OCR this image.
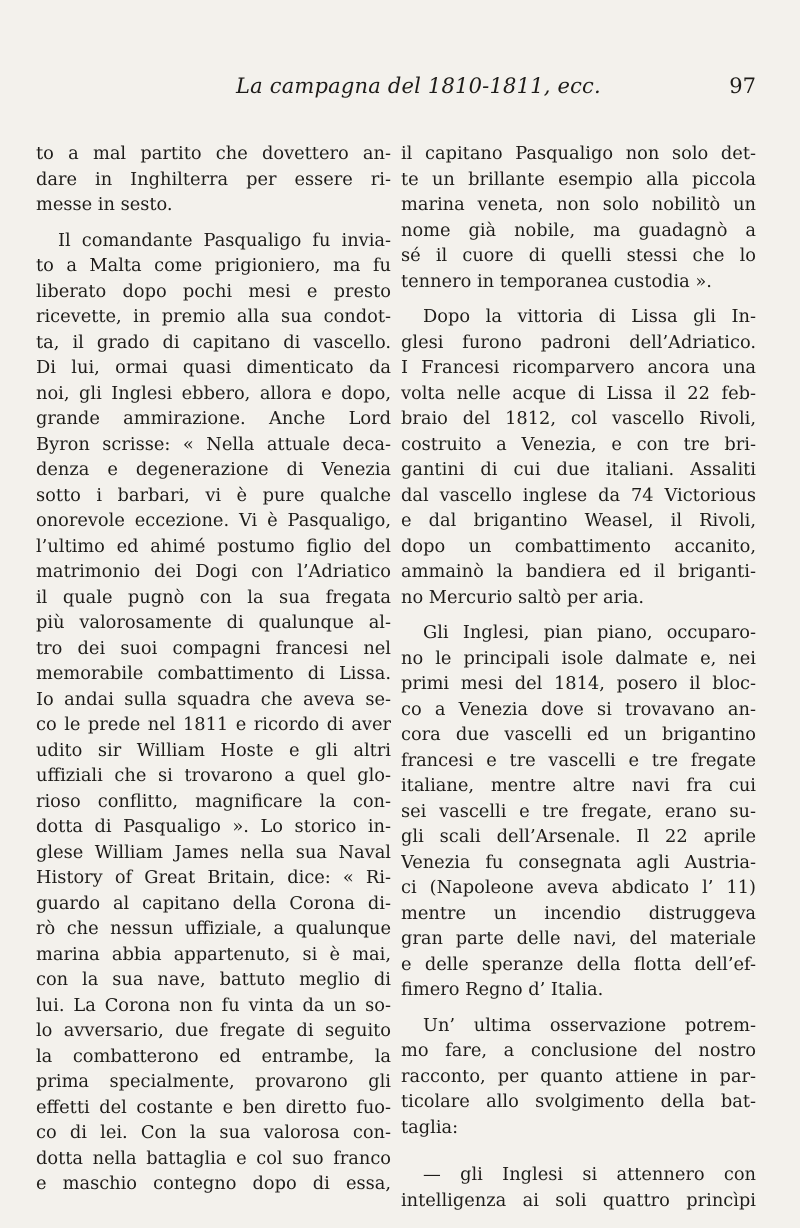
La campagna del 1810-1811, ecc.	97
to a mal partito che dovettero an-
dare in Inghilterra per essere ri-
messe in sesto.
Il comandante Pasqualigo fu invia-
to a Malta come prigioniero, ma fu
liberato dopo pochi mesi e presto
ricevette, in premio alla sua condot-
ta, il grado di capitano di vascello.
Di lui, ormai quasi dimenticato da
noi, gli Inglesi ebbero, allora e dopo,
grande ammirazione. Anche Lord
Byron scrisse: « Nella attuale deca-
denza e degenerazione di Venezia
sotto i barbari, vi è pure qualche
onorevole eccezione. Vi è Pasqualigo,
l’ultimo ed ahimé postumo figlio del
matrimonio dei Dogi con l’Adriatico
il quale pugnò con la sua fregata
più valorosamente di qualunque al-
tro dei suoi compagni francesi nel
memorabile combattimento di Lissa.
Io andai sulla squadra che aveva se-
co le prede nel 1811 e ricordo di aver
udito sir William Hoste e gli altri
uffiziali che si trovarono a quel glo-
rioso conflitto, magnificare la con-
dotta di Pasqualigo ». Lo storico in-
glese William James nella sua Naval
History of Great Britain, dice: « Ri-
guardo al capitano della Corona di-
rò che nessun uffiziale, a qualunque
marina abbia appartenuto, si è mai,
con la sua nave, battuto meglio di
lui. La Corona non fu vinta da un so-
lo avversario, due fregate di seguito
la combatterono ed entrambe, la
prima specialmente, provarono gli
effetti del costante e ben diretto fuo-
co di lei. Con la sua valorosa con-
dotta nella battaglia e col suo franco
e maschio contegno dopo di essa,
il capitano Pasqualigo non solo det-
te un brillante esempio alla piccola
marina veneta, non solo nobilitò un
nome già nobile, ma guadagnò a
sé il cuore di quelli stessi che lo
tennero in temporanea custodia ».
Dopo la vittoria di Lissa gli In-
glesi furono padroni dell’Adriatico.
I Francesi ricomparvero ancora una
volta nelle acque di Lissa il 22 feb-
braio del 1812, col vascello Rivoli,
costruito a Venezia, e con tre bri-
gantini di cui due italiani. Assaliti
dal vascello inglese da 74 Victorious
e dal brigantino Weasel, il Rivoli,
dopo un combattimento accanito,
ammainò la bandiera ed il briganti-
no Mercurio saltò per aria.
Gli Inglesi, pian piano, occuparo-
no le principali isole dalmate e, nei
primi mesi del 1814, posero il bloc-
co a Venezia dove si trovavano an-
cora due vascelli ed un brigantino
francesi e tre vascelli e tre fregate
italiane, mentre altre navi fra cui
sei vascelli e tre fregate, erano su-
gli scali dell’Arsenale. Il 22 aprile
Venezia fu consegnata agli Austria-
ci (Napoleone aveva abdicato l’ 11)
mentre un incendio distruggeva
gran parte delle navi, del materiale
e delle speranze della flotta dell’ef-
fimero Regno d’ Italia.
Un’ ultima osservazione potrem-
mo fare, a conclusione del nostro
racconto, per quanto attiene in par-
ticolare allo svolgimento della bat-
taglia:
— gli Inglesi si attennero con
intelligenza ai soli quattro princìpi
